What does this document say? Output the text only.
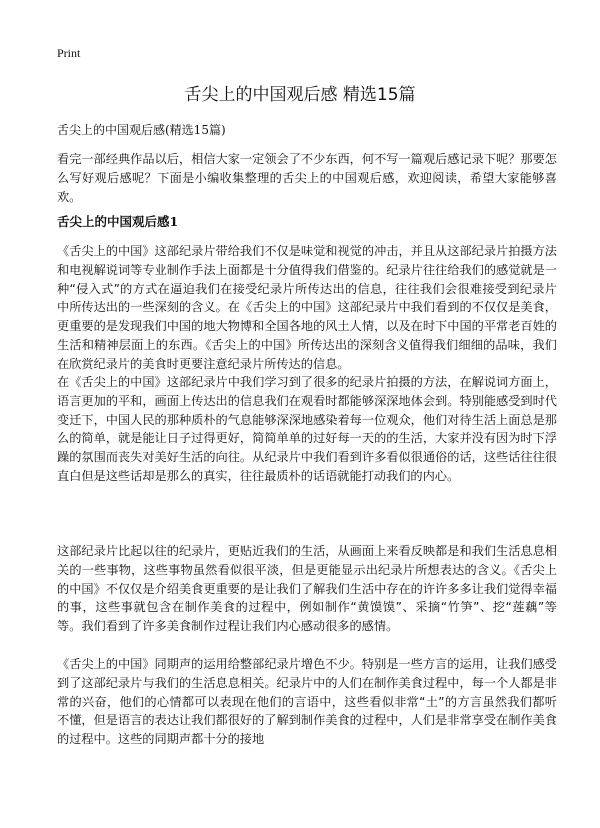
Print
舌尖上的中国观后感 精选15篇
舌尖上的中国观后感(精选15篇)

看完一部经典作品以后，相信大家一定领会了不少东西，何不写一篇观后感记录下呢？那要怎么写好观后感呢？下面是小编收集整理的舌尖上的中国观后感，欢迎阅读，希望大家能够喜欢。

舌尖上的中国观后感1

《舌尖上的中国》这部纪录片带给我们不仅是味觉和视觉的冲击，并且从这部纪录片拍摄方法和电视解说词等专业制作手法上面都是十分值得我们借鉴的。纪录片往往给我们的感觉就是一种“侵入式”的方式在逼迫我们在接受纪录片所传达出的信息，往往我们会很难接受到纪录片中所传达出的一些深刻的含义。在《舌尖上的中国》这部纪录片中我们看到的不仅仅是美食，更重要的是发现我们中国的地大物博和全国各地的风土人情，以及在时下中国的平常老百姓的生活和精神层面上的东西。《舌尖上的中国》所传达出的深刻含义值得我们细细的品味，我们在欣赏纪录片的美食时更要注意纪录片所传达的信息。

在《舌尖上的中国》这部纪录片中我们学习到了很多的纪录片拍摄的方法，在解说词方面上，语言更加的平和，画面上传达出的信息我们在观看时都能够深深地体会到。特别能感受到时代变迁下，中国人民的那种质朴的气息能够深深地感染着每一位观众，他们对待生活上面总是那么的简单，就是能让日子过得更好，简简单单的过好每一天的的生活，大家并没有因为时下浮躁的氛围而丧失对美好生活的向往。从纪录片中我们看到许多看似很通俗的话，这些话往往很直白但是这些话却是那么的真实，往往最质朴的话语就能打动我们的内心。

这部纪录片比起以往的纪录片，更贴近我们的生活，从画面上来看反映都是和我们生活息息相关的一些事物，这些事物虽然看似很平淡，但是更能显示出纪录片所想表达的含义。《舌尖上的中国》不仅仅是介绍美食更重要的是让我们了解我们生活中存在的许许多多让我们觉得幸福的事，这些事就包含在制作美食的过程中，例如制作“黄馍馍”、采摘“竹笋”、挖“莲藕”等等。我们看到了许多美食制作过程让我们内心感动很多的感情。

《舌尖上的中国》同期声的运用给整部纪录片增色不少。特别是一些方言的运用，让我们感受到了这部纪录片与我们的生活息息相关。纪录片中的人们在制作美食过程中，每一个人都是非常的兴奋，他们的心情都可以表现在他们的言语中，这些看似非常“土”的方言虽然我们都听不懂，但是语言的表达让我们都很好的了解到制作美食的过程中，人们是非常享受在制作美食的过程中。这些的同期声都十分的接地
